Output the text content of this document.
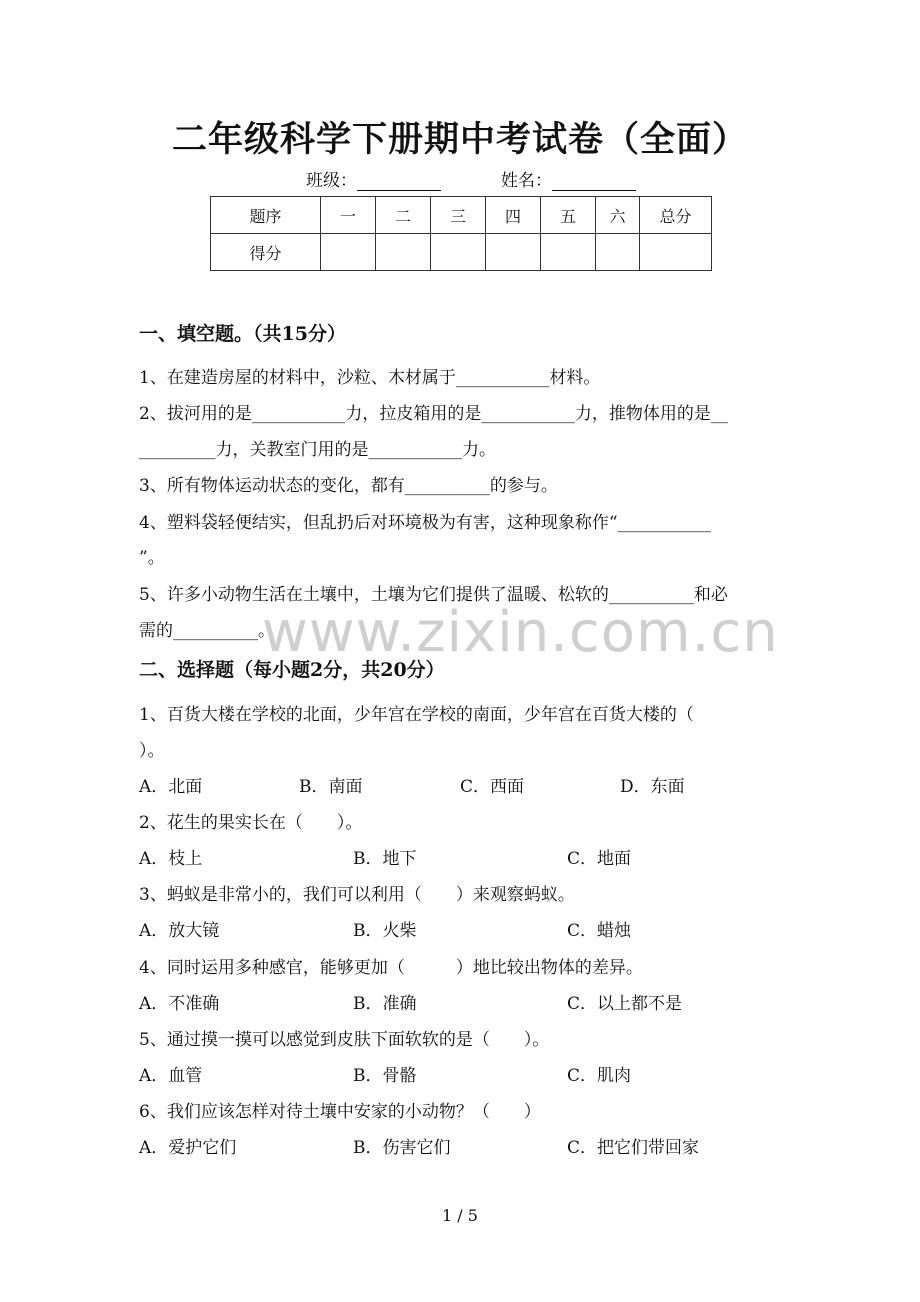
二年级科学下册期中考试卷（全面）
班级：	姓名：
题序	一	二	三	四	五	六	总分
得分							
一、填空题。（共15分）
1、在建造房屋的材料中，沙粒、木材属于___________材料。
2、拔河用的是___________力，拉皮箱用的是___________力，推物体用的是__
_________力，关教室门用的是___________力。
3、所有物体运动状态的变化，都有__________的参与。
4、塑料袋轻便结实，但乱扔后对环境极为有害，这种现象称作“___________
”。
5、许多小动物生活在土壤中，土壤为它们提供了温暖、松软的__________和必
需的__________。
www.zixin.com.cn
二、选择题（每小题2分，共20分）
1、百货大楼在学校的北面，少年宫在学校的南面，少年宫在百货大楼的（
）。
A．北面	B．南面	C．西面	D．东面
2、花生的果实长在（　　）。
A．枝上	B．地下	C．地面
3、蚂蚁是非常小的，我们可以利用（　　）来观察蚂蚁。
A．放大镜	B．火柴	C．蜡烛
4、同时运用多种感官，能够更加（　　　）地比较出物体的差异。
A．不准确	B．准确	C．以上都不是
5、通过摸一摸可以感觉到皮肤下面软软的是（　　）。
A．血管	B．骨骼	C．肌肉
6、我们应该怎样对待土壤中安家的小动物？（　　）
A．爱护它们	B．伤害它们	C．把它们带回家
1 / 5
